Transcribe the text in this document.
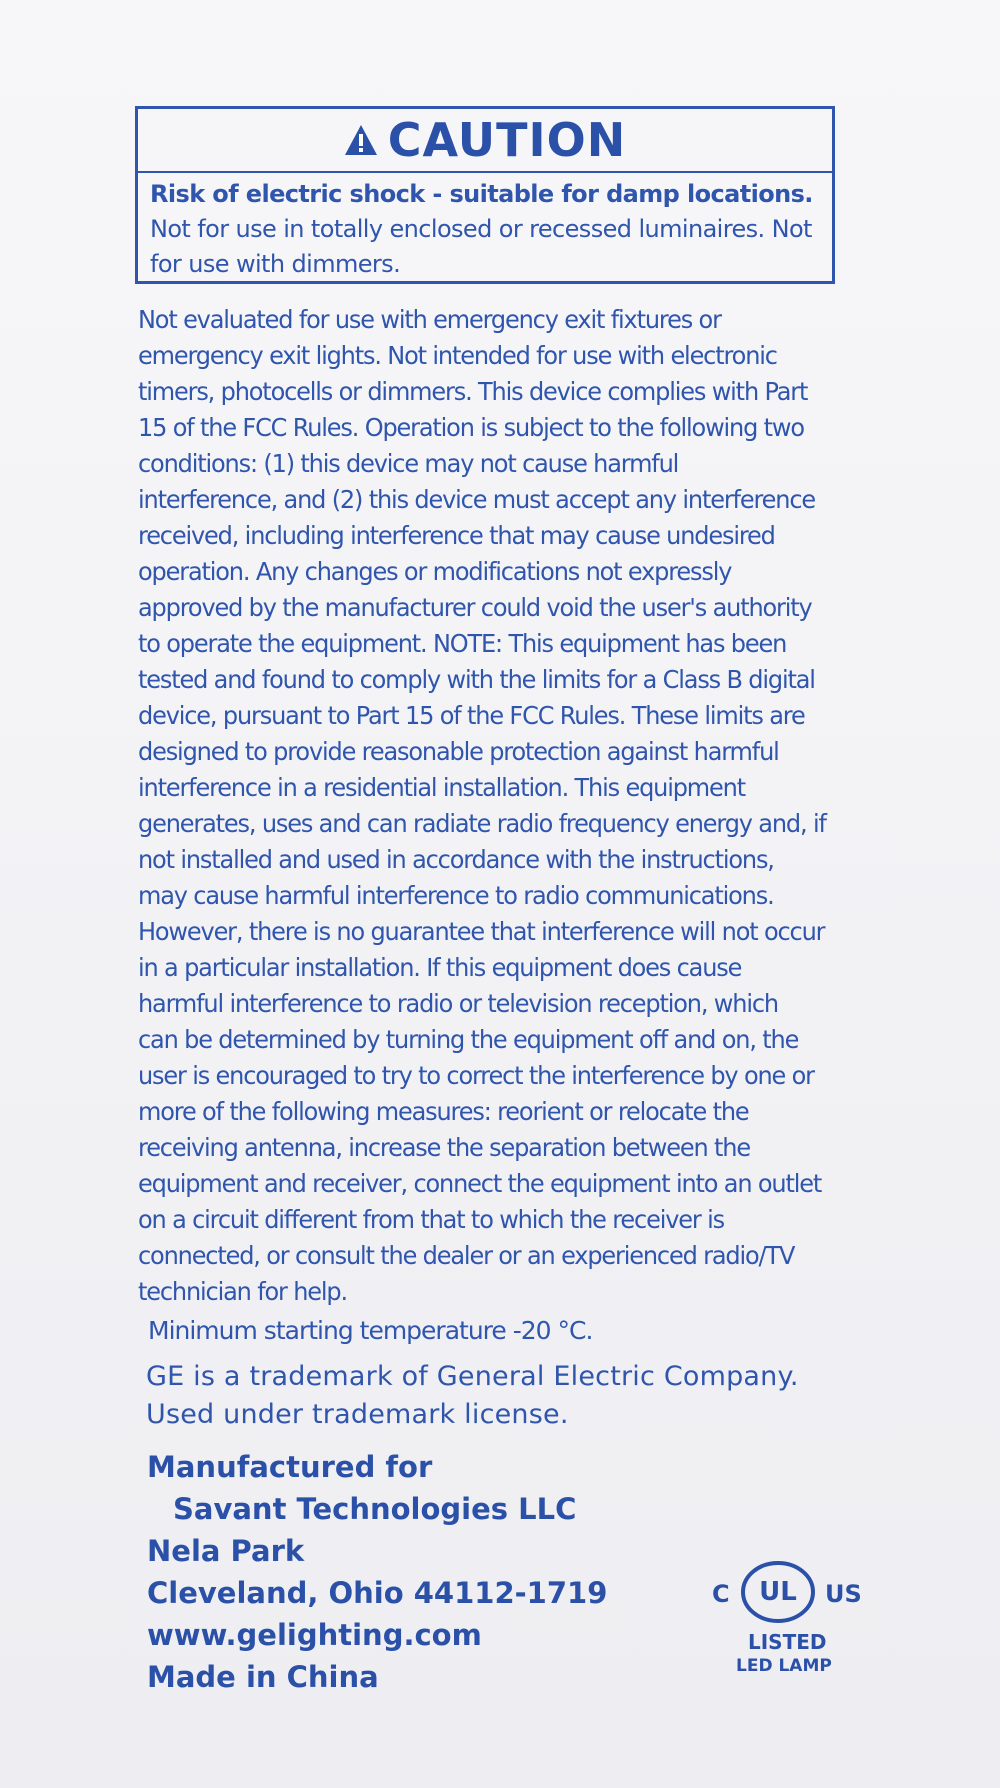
CAUTION
Risk of electric shock - suitable for damp locations. Not for use in totally enclosed or recessed luminaires. Not for use with dimmers.
Not evaluated for use with emergency exit fixtures or
emergency exit lights. Not intended for use with electronic
timers, photocells or dimmers. This device complies with Part
15 of the FCC Rules. Operation is subject to the following two
conditions: (1) this device may not cause harmful
interference, and (2) this device must accept any interference
received, including interference that may cause undesired
operation. Any changes or modifications not expressly
approved by the manufacturer could void the user's authority
to operate the equipment. NOTE: This equipment has been
tested and found to comply with the limits for a Class B digital
device, pursuant to Part 15 of the FCC Rules. These limits are
designed to provide reasonable protection against harmful
interference in a residential installation. This equipment
generates, uses and can radiate radio frequency energy and, if
not installed and used in accordance with the instructions,
may cause harmful interference to radio communications.
However, there is no guarantee that interference will not occur
in a particular installation. If this equipment does cause
harmful interference to radio or television reception, which
can be determined by turning the equipment off and on, the
user is encouraged to try to correct the interference by one or
more of the following measures: reorient or relocate the
receiving antenna, increase the separation between the
equipment and receiver, connect the equipment into an outlet
on a circuit different from that to which the receiver is
connected, or consult the dealer or an experienced radio/TV
technician for help.
Minimum starting temperature -20 °C.
GE is a trademark of General Electric Company.
Used under trademark license.
Manufactured for
Savant Technologies LLC
Nela Park
Cleveland, Ohio 44112-1719
www.gelighting.com
Made in China
C UL US
LISTED
LED LAMP
